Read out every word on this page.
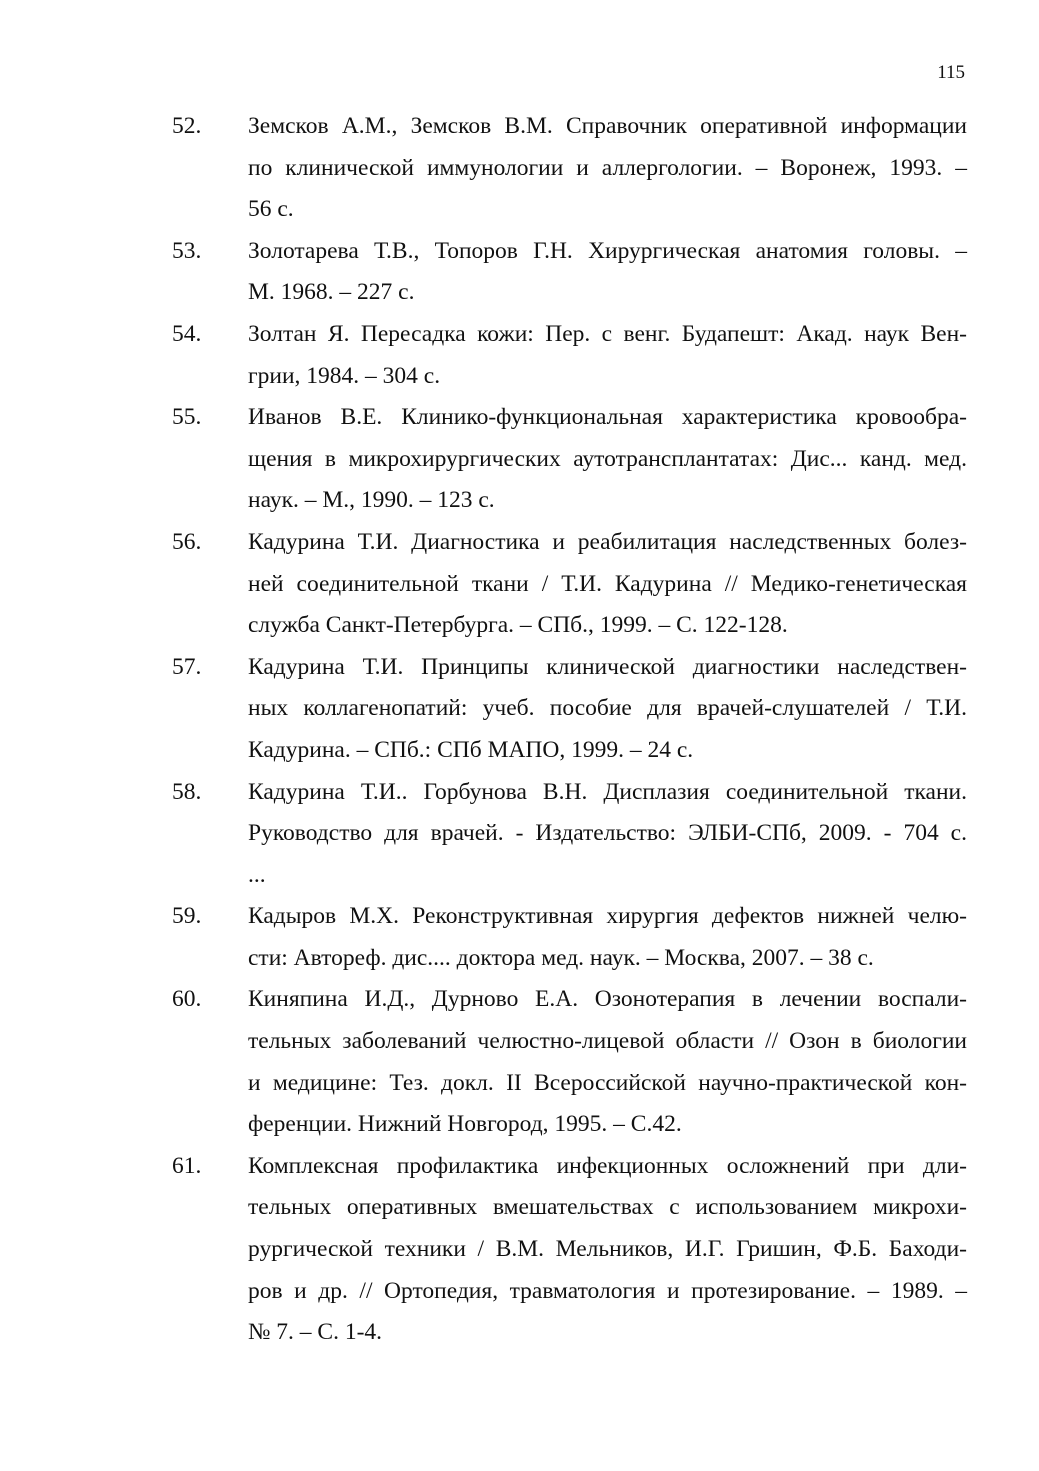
115
52.	Земсков А.М., Земсков В.М. Справочник оперативной информации
по клинической иммунологии и аллергологии. – Воронеж, 1993. –
56 с.
53.	Золотарева Т.В., Топоров Г.Н. Хирургическая анатомия головы. –
М. 1968. – 227 с.
54.	Золтан Я. Пересадка кожи: Пер. с венг. Будапешт: Акад. наук Вен-
грии, 1984. – 304 с.
55.	Иванов В.Е. Клинико-функциональная характеристика кровообра-
щения в микрохирургических аутотрансплантатах: Дис... канд. мед.
наук. – М., 1990. – 123 с.
56.	Кадурина Т.И. Диагностика и реабилитация наследственных болез-
ней соединительной ткани / Т.И. Кадурина // Медико-генетическая
служба Санкт-Петербурга. – СПб., 1999. – С. 122-128.
57.	Кадурина Т.И. Принципы клинической диагностики наследствен-
ных коллагенопатий: учеб. пособие для врачей-слушателей / Т.И.
Кадурина. – СПб.: СПб МАПО, 1999. – 24 с.
58.	Кадурина Т.И.. Горбунова В.Н. Дисплазия соединительной ткани.
Руководство для врачей. - Издательство: ЭЛБИ-СПб, 2009. - 704 с.
...
59.	Кадыров М.Х. Реконструктивная хирургия дефектов нижней челю-
сти: Автореф. дис.... доктора мед. наук. – Москва, 2007. – 38 с.
60.	Киняпина И.Д., Дурново Е.А. Озонотерапия в лечении воспали-
тельных заболеваний челюстно-лицевой области // Озон в биологии
и медицине: Тез. докл. II Всероссийской научно-практической кон-
ференции. Нижний Новгород, 1995. – С.42.
61.	Комплексная профилактика инфекционных осложнений при дли-
тельных оперативных вмешательствах с использованием микрохи-
рургической техники / В.М. Мельников, И.Г. Гришин, Ф.Б. Баходи-
ров и др. // Ортопедия, травматология и протезирование. – 1989. –
№ 7. – С. 1-4.
